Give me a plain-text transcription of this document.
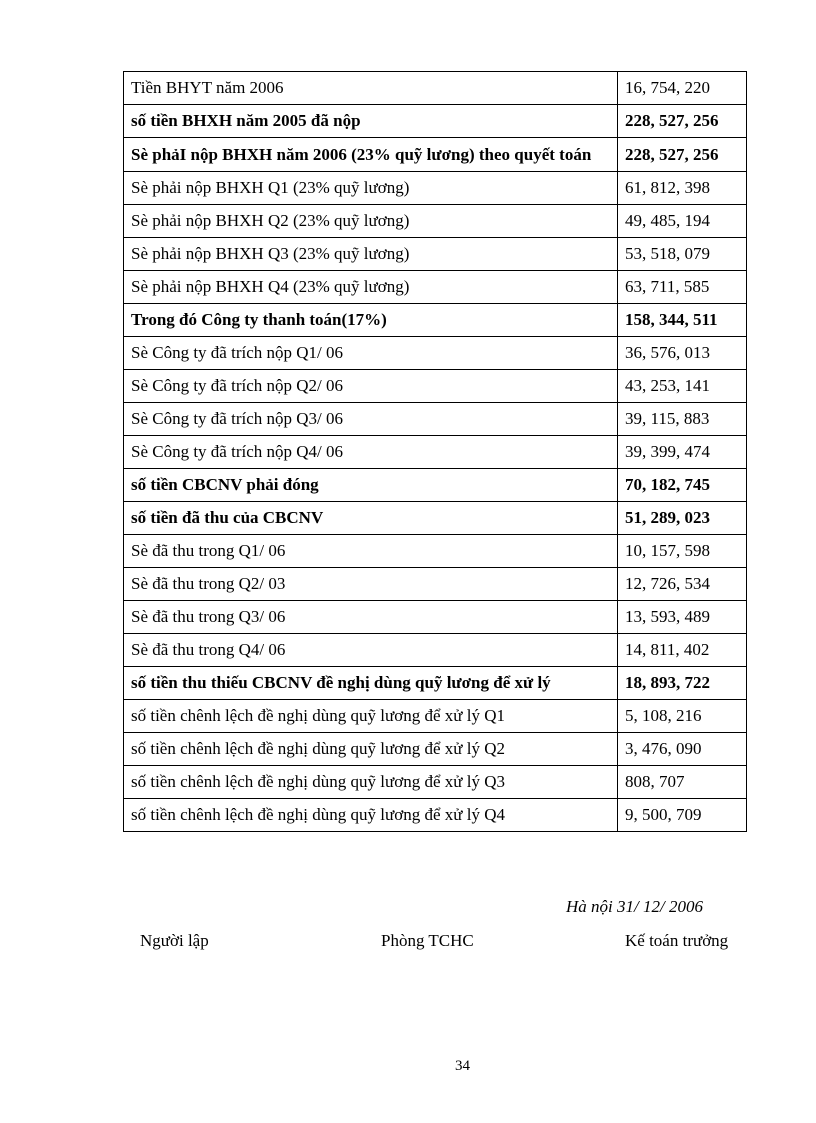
Tiền BHYT năm 2006	16, 754, 220
số tiền BHXH năm 2005 đã nộp	228, 527, 256
Sè phảI nộp BHXH năm 2006 (23% quỹ lương) theo quyết toán	228, 527, 256
Sè phải nộp BHXH Q1 (23% quỹ lương)	61, 812, 398
Sè phải nộp BHXH Q2 (23% quỹ lương)	49, 485, 194
Sè phải nộp BHXH Q3 (23% quỹ lương)	53, 518, 079
Sè phải nộp BHXH Q4 (23% quỹ lương)	63, 711, 585
Trong đó Công ty thanh toán(17%)	158, 344, 511
Sè Công ty đã trích nộp Q1/ 06	36, 576, 013
Sè Công ty đã trích nộp Q2/ 06	43, 253, 141
Sè Công ty đã trích nộp Q3/ 06	39, 115, 883
Sè Công ty đã trích nộp Q4/ 06	39, 399, 474
số tiền CBCNV phải đóng	70, 182, 745
số tiền đã thu của CBCNV	51, 289, 023
Sè đã thu trong Q1/ 06	10, 157, 598
Sè đã thu trong Q2/ 03	12, 726, 534
Sè đã thu trong Q3/ 06	13, 593, 489
Sè đã thu trong Q4/ 06	14, 811, 402
số tiền thu thiếu CBCNV đề nghị dùng quỹ lương để xử lý	18, 893, 722
số tiền chênh lệch đề nghị dùng quỹ lương để xử lý Q1	5, 108, 216
số tiền chênh lệch đề nghị dùng quỹ lương để xử lý Q2	3, 476, 090
số tiền chênh lệch đề nghị dùng quỹ lương để xử lý Q3	808, 707
số tiền chênh lệch đề nghị dùng quỹ lương để xử lý Q4	9, 500, 709
Hà nội 31/ 12/ 2006
Người lập	Phòng TCHC	Kế toán trưởng
34
